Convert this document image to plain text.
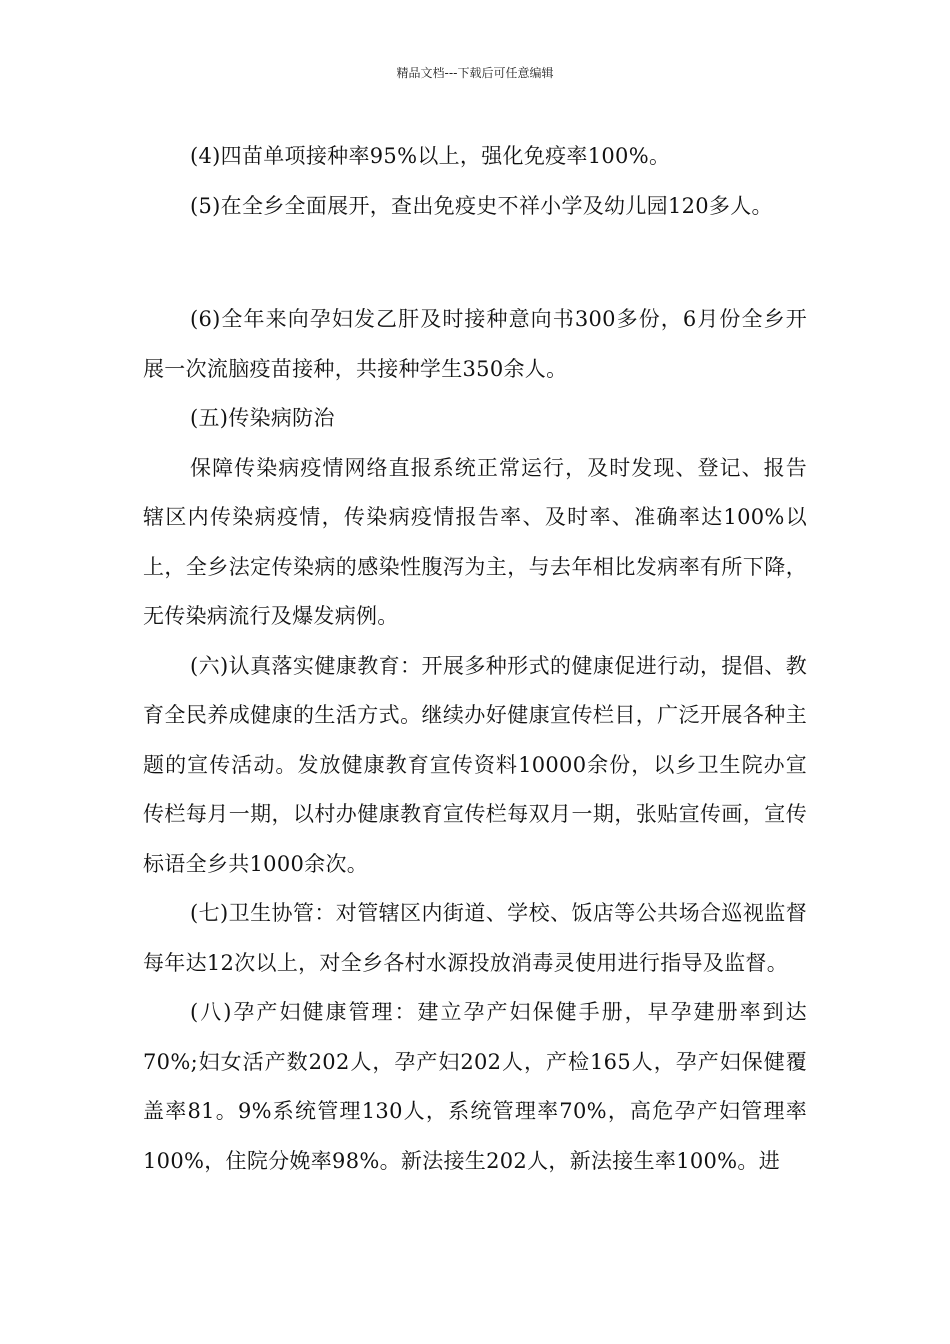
精品文档---下载后可任意编辑

(4)四苗单项接种率95%以上，强化免疫率100%。

(5)在全乡全面展开，查出免疫史不祥小学及幼儿园120多人。

(6)全年来向孕妇发乙肝及时接种意向书300多份，6月份全乡开展一次流脑疫苗接种，共接种学生350余人。

(五)传染病防治

保障传染病疫情网络直报系统正常运行，及时发现、登记、报告辖区内传染病疫情，传染病疫情报告率、及时率、准确率达100%以上，全乡法定传染病的感染性腹泻为主，与去年相比发病率有所下降，无传染病流行及爆发病例。

(六)认真落实健康教育：开展多种形式的健康促进行动，提倡、教育全民养成健康的生活方式。继续办好健康宣传栏目，广泛开展各种主题的宣传活动。发放健康教育宣传资料10000余份，以乡卫生院办宣传栏每月一期，以村办健康教育宣传栏每双月一期，张贴宣传画，宣传标语全乡共1000余次。

(七)卫生协管：对管辖区内街道、学校、饭店等公共场合巡视监督每年达12次以上，对全乡各村水源投放消毒灵使用进行指导及监督。

(八)孕产妇健康管理：建立孕产妇保健手册，早孕建册率到达70%;妇女活产数202人，孕产妇202人，产检165人，孕产妇保健覆盖率81。9%系统管理130人，系统管理率70%，高危孕产妇管理率100%，住院分娩率98%。新法接生202人，新法接生率100%。进
